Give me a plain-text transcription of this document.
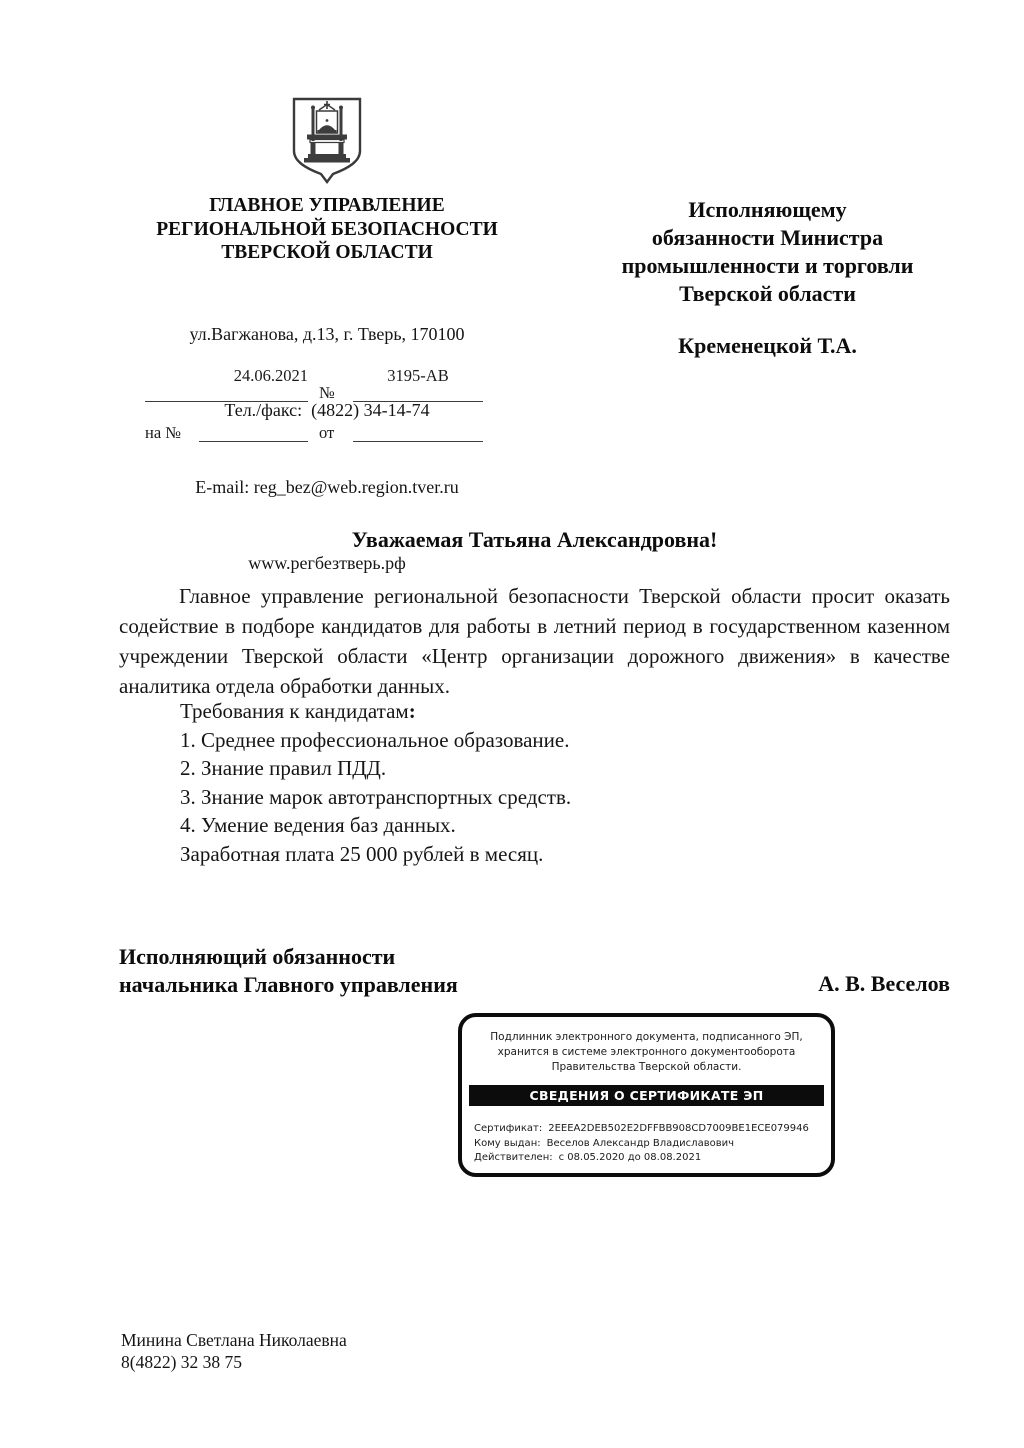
ГЛАВНОЕ УПРАВЛЕНИЕ
РЕГИОНАЛЬНОЙ БЕЗОПАСНОСТИ
ТВЕРСКОЙ ОБЛАСТИ

ул.Вагжанова, д.13, г. Тверь, 170100

Тел./факс:  (4822) 34-14-74

E-mail: reg_bez@web.region.tver.ru

www.регбезтверь.рф

24.06.2021
№
3195-АВ
на №	от
Исполняющему
обязанности Министра
промышленности и торговли
Тверской области
Кременецкой Т.А.
Уважаемая Татьяна Александровна!
Главное управление региональной безопасности Тверской области просит оказать содействие в подборе кандидатов для работы в летний период в государственном казенном учреждении Тверской области «Центр организации дорожного движения» в качестве аналитика отдела обработки данных.
Требования к кандидатам:
1. Среднее профессиональное образование.
2. Знание правил ПДД.
3. Знание марок автотранспортных средств.
4. Умение ведения баз данных.
Заработная плата 25 000 рублей в месяц.
Исполняющий обязанности
начальника Главного управления	А. В. Веселов
Подлинник электронного документа, подписанного ЭП,
хранится в системе электронного документооборота
Правительства Тверской области.
СВЕДЕНИЯ О СЕРТИФИКАТЕ ЭП
Сертификат: 2EEEA2DEB502E2DFFBB908CD7009BE1ECE079946
Кому выдан: Веселов Александр Владиславович
Действителен: с 08.05.2020 до 08.08.2021
Минина Светлана Николаевна
8(4822) 32 38 75
